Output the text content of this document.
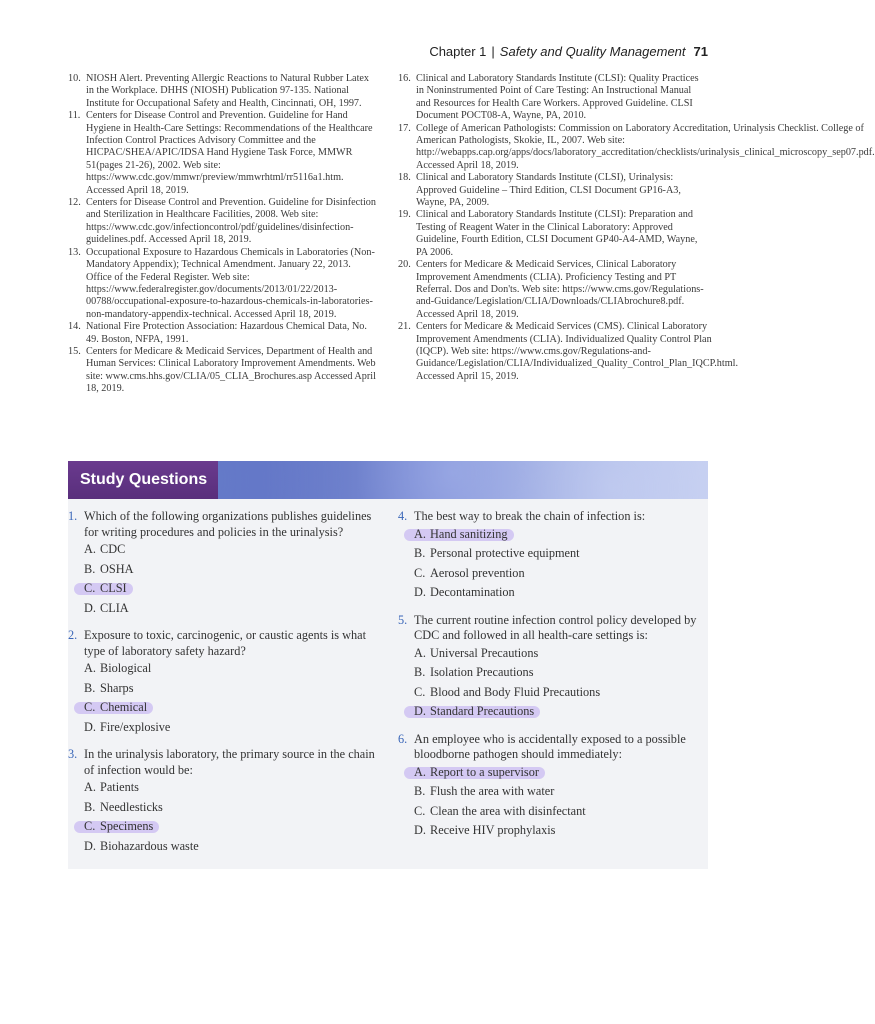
Chapter 1 | Safety and Quality Management 71
10. NIOSH Alert. Preventing Allergic Reactions to Natural Rubber Latex in the Workplace. DHHS (NIOSH) Publication 97-135. National Institute for Occupational Safety and Health, Cincinnati, OH, 1997.
11. Centers for Disease Control and Prevention. Guideline for Hand Hygiene in Health-Care Settings: Recommendations of the Healthcare Infection Control Practices Advisory Committee and the HICPAC/SHEA/APIC/IDSA Hand Hygiene Task Force, MMWR 51(pages 21-26), 2002. Web site: https://www.cdc.gov/mmwr/preview/mmwrhtml/rr5116a1.htm. Accessed April 18, 2019.
12. Centers for Disease Control and Prevention. Guideline for Disinfection and Sterilization in Healthcare Facilities, 2008. Web site: https://www.cdc.gov/infectioncontrol/pdf/guidelines/disinfection-guidelines.pdf. Accessed April 18, 2019.
13. Occupational Exposure to Hazardous Chemicals in Laboratories (Non-Mandatory Appendix); Technical Amendment. January 22, 2013. Office of the Federal Register. Web site: https://www.federalregister.gov/documents/2013/01/22/2013-00788/occupational-exposure-to-hazardous-chemicals-in-laboratories-non-mandatory-appendix-technical. Accessed April 18, 2019.
14. National Fire Protection Association: Hazardous Chemical Data, No. 49. Boston, NFPA, 1991.
15. Centers for Medicare & Medicaid Services, Department of Health and Human Services: Clinical Laboratory Improvement Amendments. Web site: www.cms.hhs.gov/CLIA/05_CLIA_Brochures.asp Accessed April 18, 2019.
16. Clinical and Laboratory Standards Institute (CLSI): Quality Practices in Noninstrumented Point of Care Testing: An Instructional Manual and Resources for Health Care Workers. Approved Guideline. CLSI Document POCT08-A, Wayne, PA, 2010.
17. College of American Pathologists: Commission on Laboratory Accreditation, Urinalysis Checklist. College of American Pathologists, Skokie, IL, 2007. Web site: http://webapps.cap.org/apps/docs/laboratory_accreditation/checklists/urinalysis_clinical_microscopy_sep07.pdf. Accessed April 18, 2019.
18. Clinical and Laboratory Standards Institute (CLSI), Urinalysis: Approved Guideline – Third Edition, CLSI Document GP16-A3, Wayne, PA, 2009.
19. Clinical and Laboratory Standards Institute (CLSI): Preparation and Testing of Reagent Water in the Clinical Laboratory: Approved Guideline, Fourth Edition, CLSI Document GP40-A4-AMD, Wayne, PA 2006.
20. Centers for Medicare & Medicaid Services, Clinical Laboratory Improvement Amendments (CLIA). Proficiency Testing and PT Referral. Dos and Don'ts. Web site: https://www.cms.gov/Regulations-and-Guidance/Legislation/CLIA/Downloads/CLIAbrochure8.pdf. Accessed April 18, 2019.
21. Centers for Medicare & Medicaid Services (CMS). Clinical Laboratory Improvement Amendments (CLIA). Individualized Quality Control Plan (IQCP). Web site: https://www.cms.gov/Regulations-and-Guidance/Legislation/CLIA/Individualized_Quality_Control_Plan_IQCP.html. Accessed April 15, 2019.
Study Questions
1. Which of the following organizations publishes guidelines for writing procedures and policies in the urinalysis?
A. CDC
B. OSHA
C. CLSI
D. CLIA
2. Exposure to toxic, carcinogenic, or caustic agents is what type of laboratory safety hazard?
A. Biological
B. Sharps
C. Chemical
D. Fire/explosive
3. In the urinalysis laboratory, the primary source in the chain of infection would be:
A. Patients
B. Needlesticks
C. Specimens
D. Biohazardous waste
4. The best way to break the chain of infection is:
A. Hand sanitizing
B. Personal protective equipment
C. Aerosol prevention
D. Decontamination
5. The current routine infection control policy developed by CDC and followed in all health-care settings is:
A. Universal Precautions
B. Isolation Precautions
C. Blood and Body Fluid Precautions
D. Standard Precautions
6. An employee who is accidentally exposed to a possible bloodborne pathogen should immediately:
A. Report to a supervisor
B. Flush the area with water
C. Clean the area with disinfectant
D. Receive HIV prophylaxis
